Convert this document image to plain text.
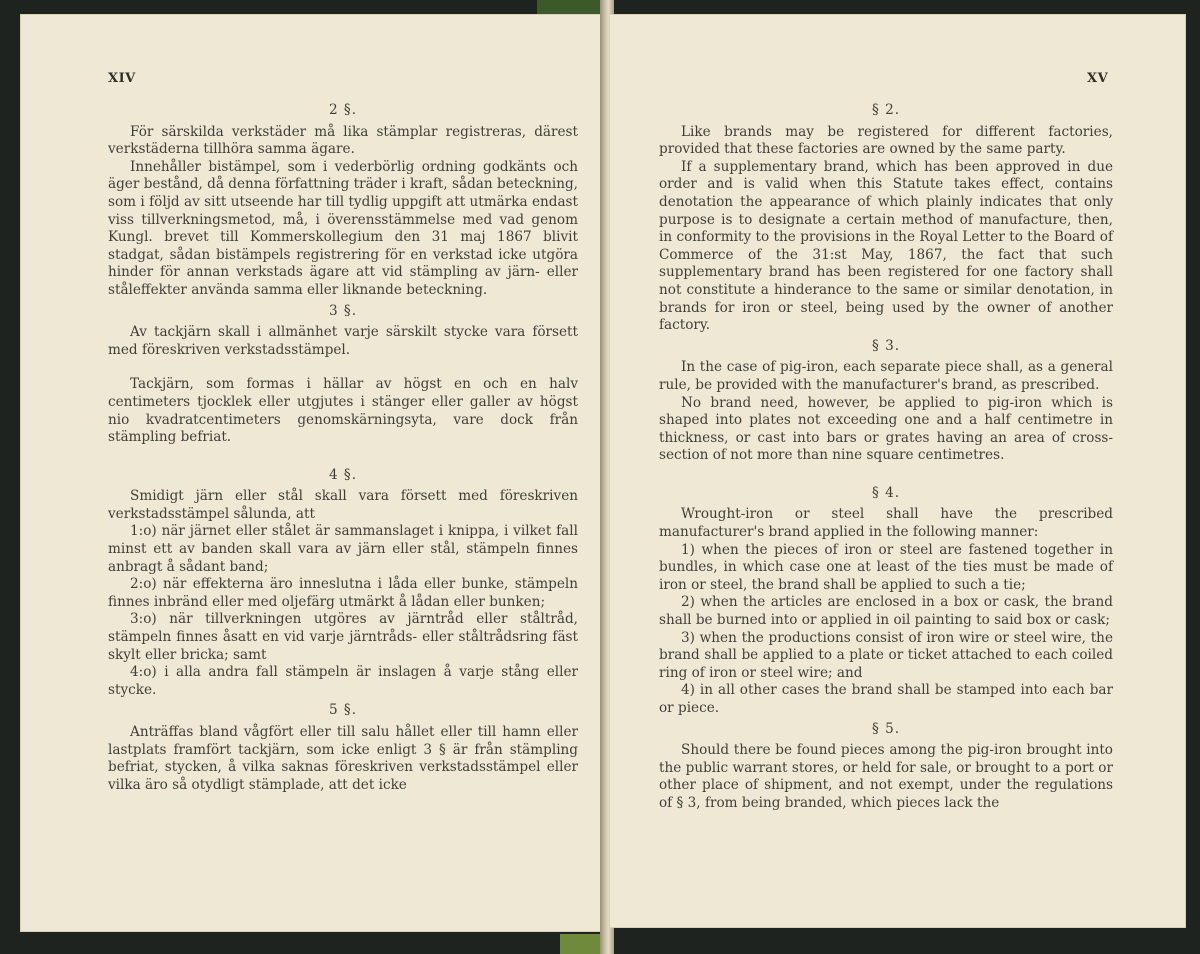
XIV
2 §.

För särskilda verkstäder må lika stämplar registreras, därest verkstäderna tillhöra samma ägare.

Innehåller bistämpel, som i vederbörlig ordning godkänts och äger bestånd, då denna författning träder i kraft, sådan beteckning, som i följd av sitt utseende har till tydlig uppgift att utmärka endast viss tillverkningsmetod, må, i överensstämmelse med vad genom Kungl. brevet till Kommerskollegium den 31 maj 1867 blivit stadgat, sådan bistämpels registrering för en verkstad icke utgöra hinder för annan verkstads ägare att vid stämpling av järn- eller ståleffekter använda samma eller liknande beteckning.

3 §.

Av tackjärn skall i allmänhet varje särskilt stycke vara försett med föreskriven verkstadsstämpel.

Tackjärn, som formas i hällar av högst en och en halv centimeters tjocklek eller utgjutes i stänger eller galler av högst nio kvadratcentimeters genomskärningsyta, vare dock från stämpling befriat.

4 §.

Smidigt järn eller stål skall vara försett med föreskriven verkstadsstämpel sålunda, att

1:o) när järnet eller stålet är sammanslaget i knippa, i vilket fall minst ett av banden skall vara av järn eller stål, stämpeln finnes anbragt å sådant band;

2:o) när effekterna äro inneslutna i låda eller bunke, stämpeln finnes inbränd eller med oljefärg utmärkt å lådan eller bunken;

3:o) när tillverkningen utgöres av järntråd eller ståltråd, stämpeln finnes åsatt en vid varje järntråds- eller ståltrådsring fäst skylt eller bricka; samt

4:o) i alla andra fall stämpeln är inslagen å varje stång eller stycke.

5 §.

Anträffas bland vågfört eller till salu hållet eller till hamn eller lastplats framfört tackjärn, som icke enligt 3 § är från stämpling befriat, stycken, å vilka saknas föreskriven verkstadsstämpel eller vilka äro så otydligt stämplade, att det icke

XV
§ 2.

Like brands may be registered for different factories, provided that these factories are owned by the same party.

If a supplementary brand, which has been approved in due order and is valid when this Statute takes effect, contains denotation the appearance of which plainly indicates that only purpose is to designate a certain method of manufacture, then, in conformity to the provisions in the Royal Letter to the Board of Commerce of the 31:st May, 1867, the fact that such supplementary brand has been registered for one factory shall not constitute a hinderance to the same or similar denotation, in brands for iron or steel, being used by the owner of another factory.

§ 3.

In the case of pig-iron, each separate piece shall, as a general rule, be provided with the manufacturer's brand, as prescribed.

No brand need, however, be applied to pig-iron which is shaped into plates not exceeding one and a half centimetre in thickness, or cast into bars or grates having an area of cross-section of not more than nine square centimetres.

§ 4.

Wrought-iron or steel shall have the prescribed manufacturer's brand applied in the following manner:

1) when the pieces of iron or steel are fastened together in bundles, in which case one at least of the ties must be made of iron or steel, the brand shall be applied to such a tie;

2) when the articles are enclosed in a box or cask, the brand shall be burned into or applied in oil painting to said box or cask;

3) when the productions consist of iron wire or steel wire, the brand shall be applied to a plate or ticket attached to each coiled ring of iron or steel wire; and

4) in all other cases the brand shall be stamped into each bar or piece.

§ 5.

Should there be found pieces among the pig-iron brought into the public warrant stores, or held for sale, or brought to a port or other place of shipment, and not exempt, under the regulations of § 3, from being branded, which pieces lack the
